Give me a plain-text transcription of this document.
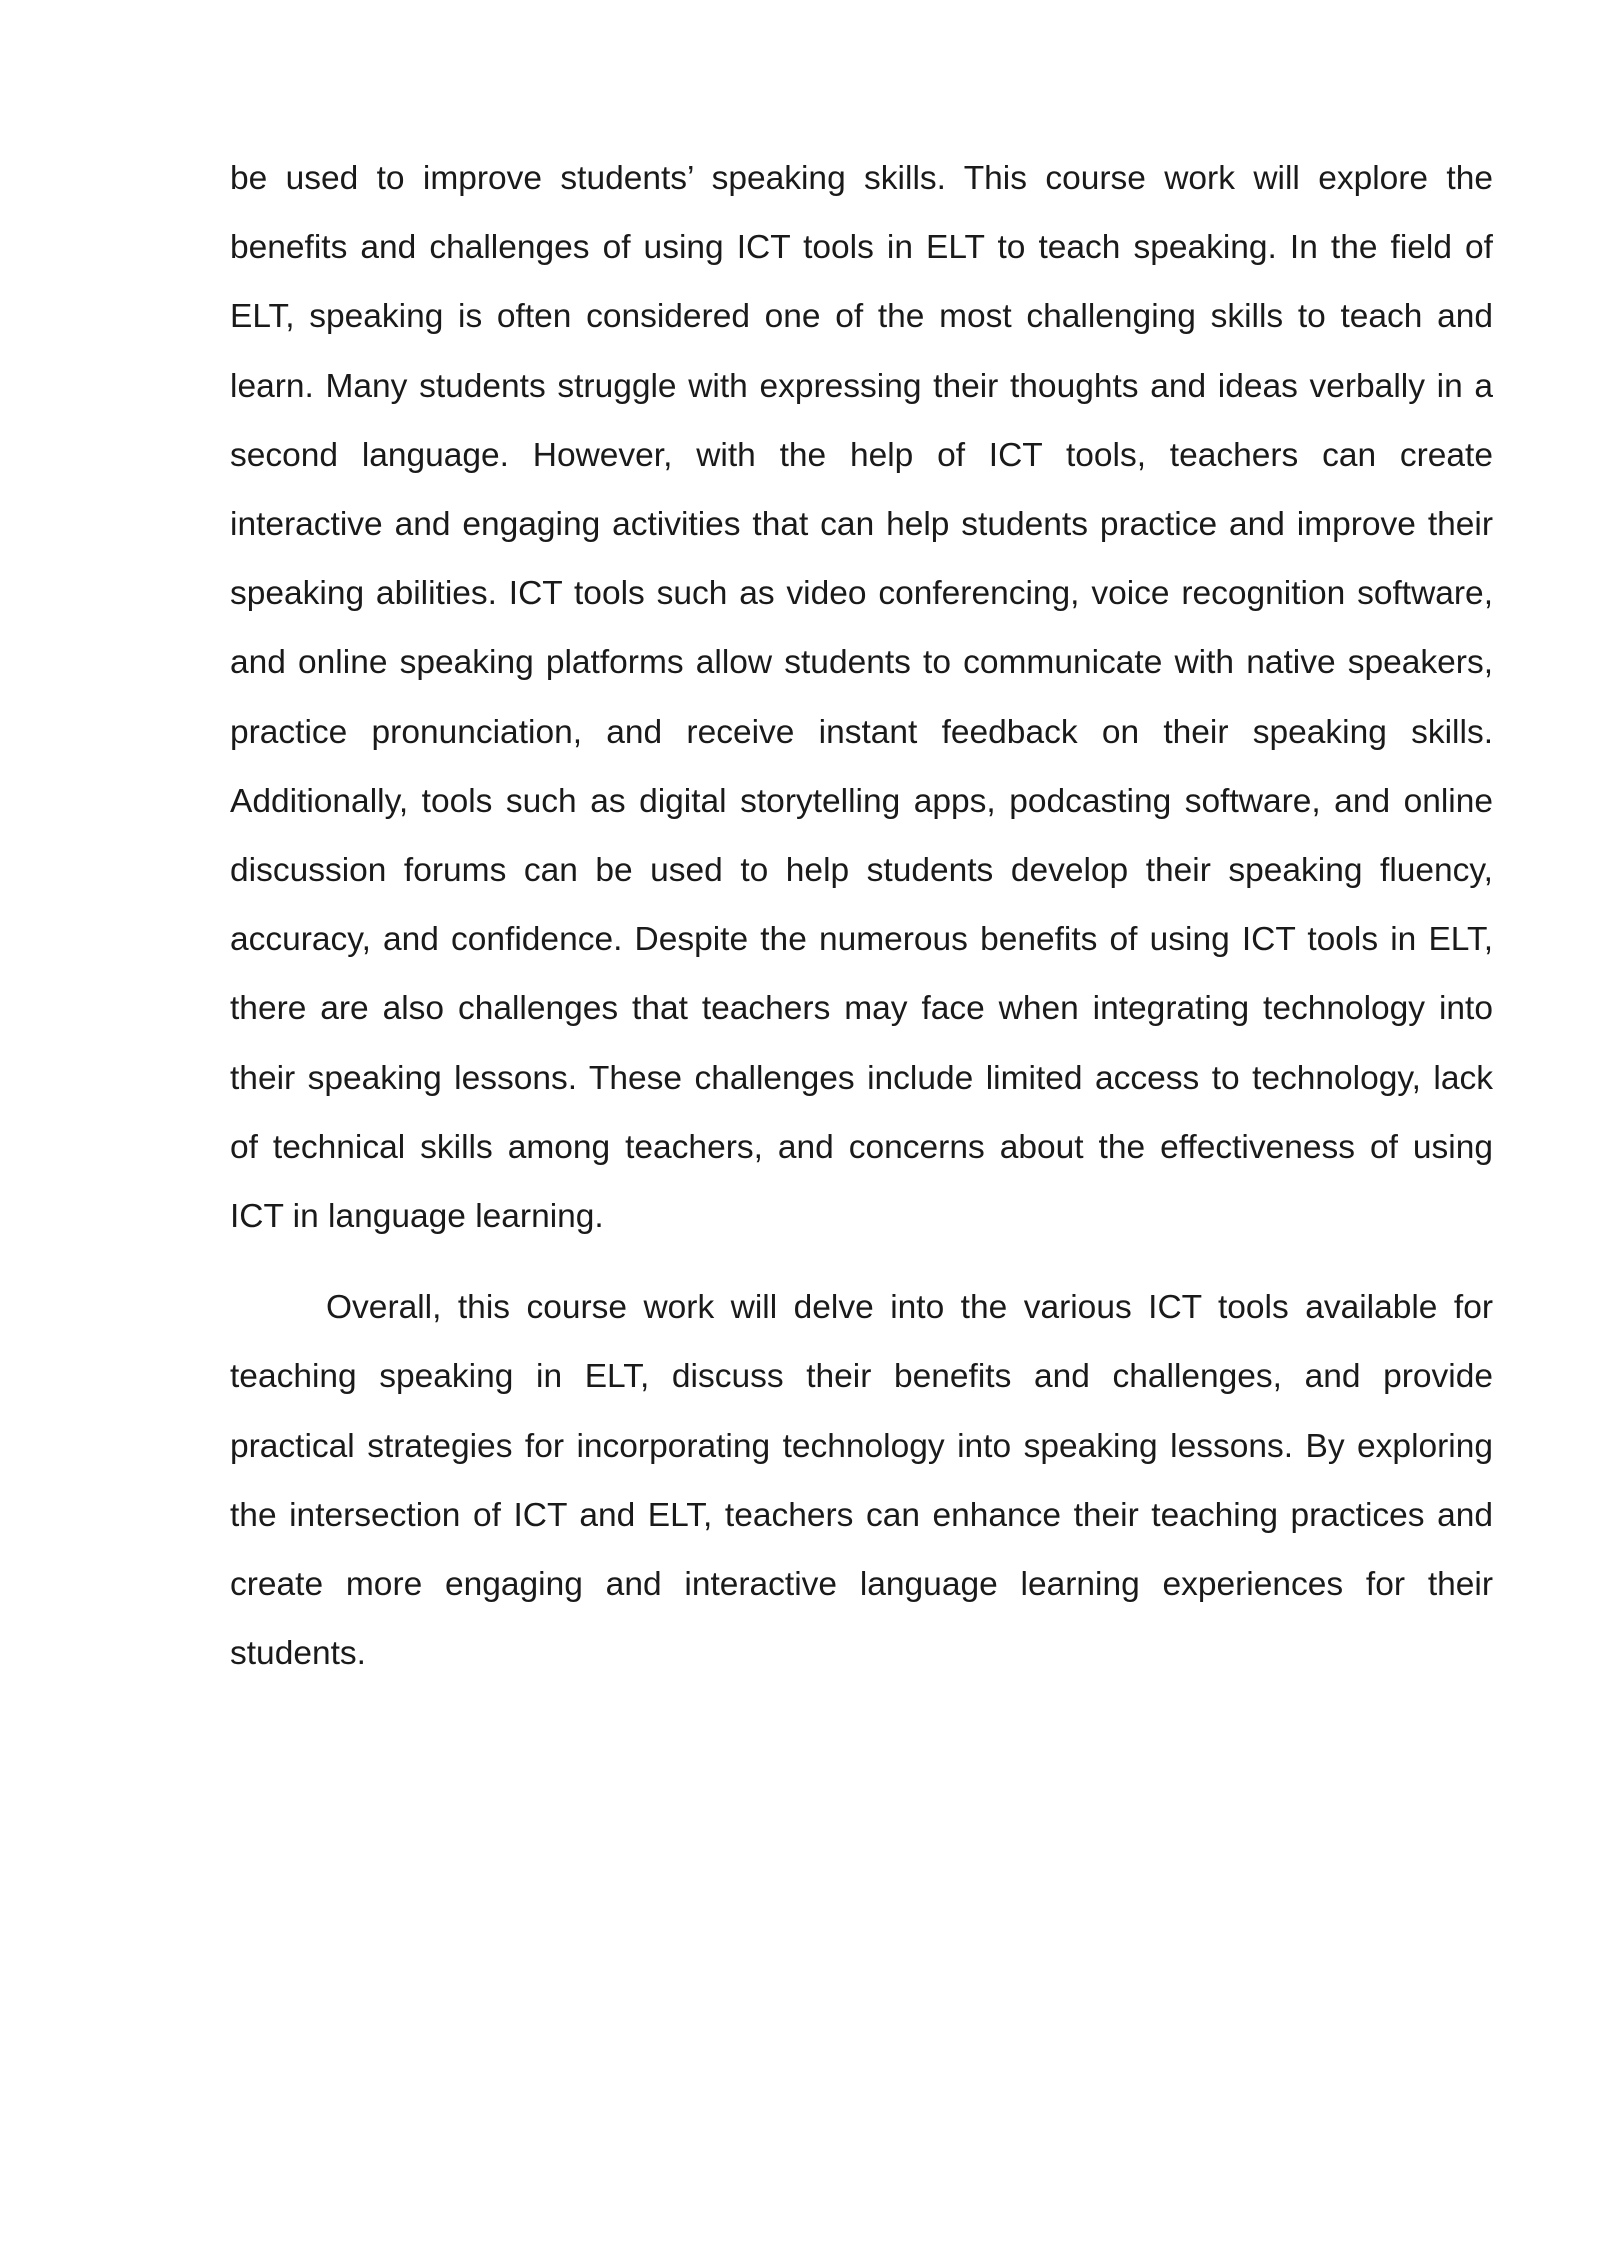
be used to improve students’ speaking skills. This course work will explore the benefits and challenges of using ICT tools in ELT to teach speaking. In the field of ELT, speaking is often considered one of the most challenging skills to teach and learn. Many students struggle with expressing their thoughts and ideas verbally in a second language. However, with the help of ICT tools, teachers can create interactive and engaging activities that can help students practice and improve their speaking abilities. ICT tools such as video conferencing, voice recognition software, and online speaking platforms allow students to communicate with native speakers, practice pronunciation, and receive instant feedback on their speaking skills. Additionally, tools such as digital storytelling apps, podcasting software, and online discussion forums can be used to help students develop their speaking fluency, accuracy, and confidence. Despite the numerous benefits of using ICT tools in ELT, there are also challenges that teachers may face when integrating technology into their speaking lessons. These challenges include limited access to technology, lack of technical skills among teachers, and concerns about the effectiveness of using ICT in language learning.

Overall, this course work will delve into the various ICT tools available for teaching speaking in ELT, discuss their benefits and challenges, and provide practical strategies for incorporating technology into speaking lessons. By exploring the intersection of ICT and ELT, teachers can enhance their teaching practices and create more engaging and interactive language learning experiences for their students.
